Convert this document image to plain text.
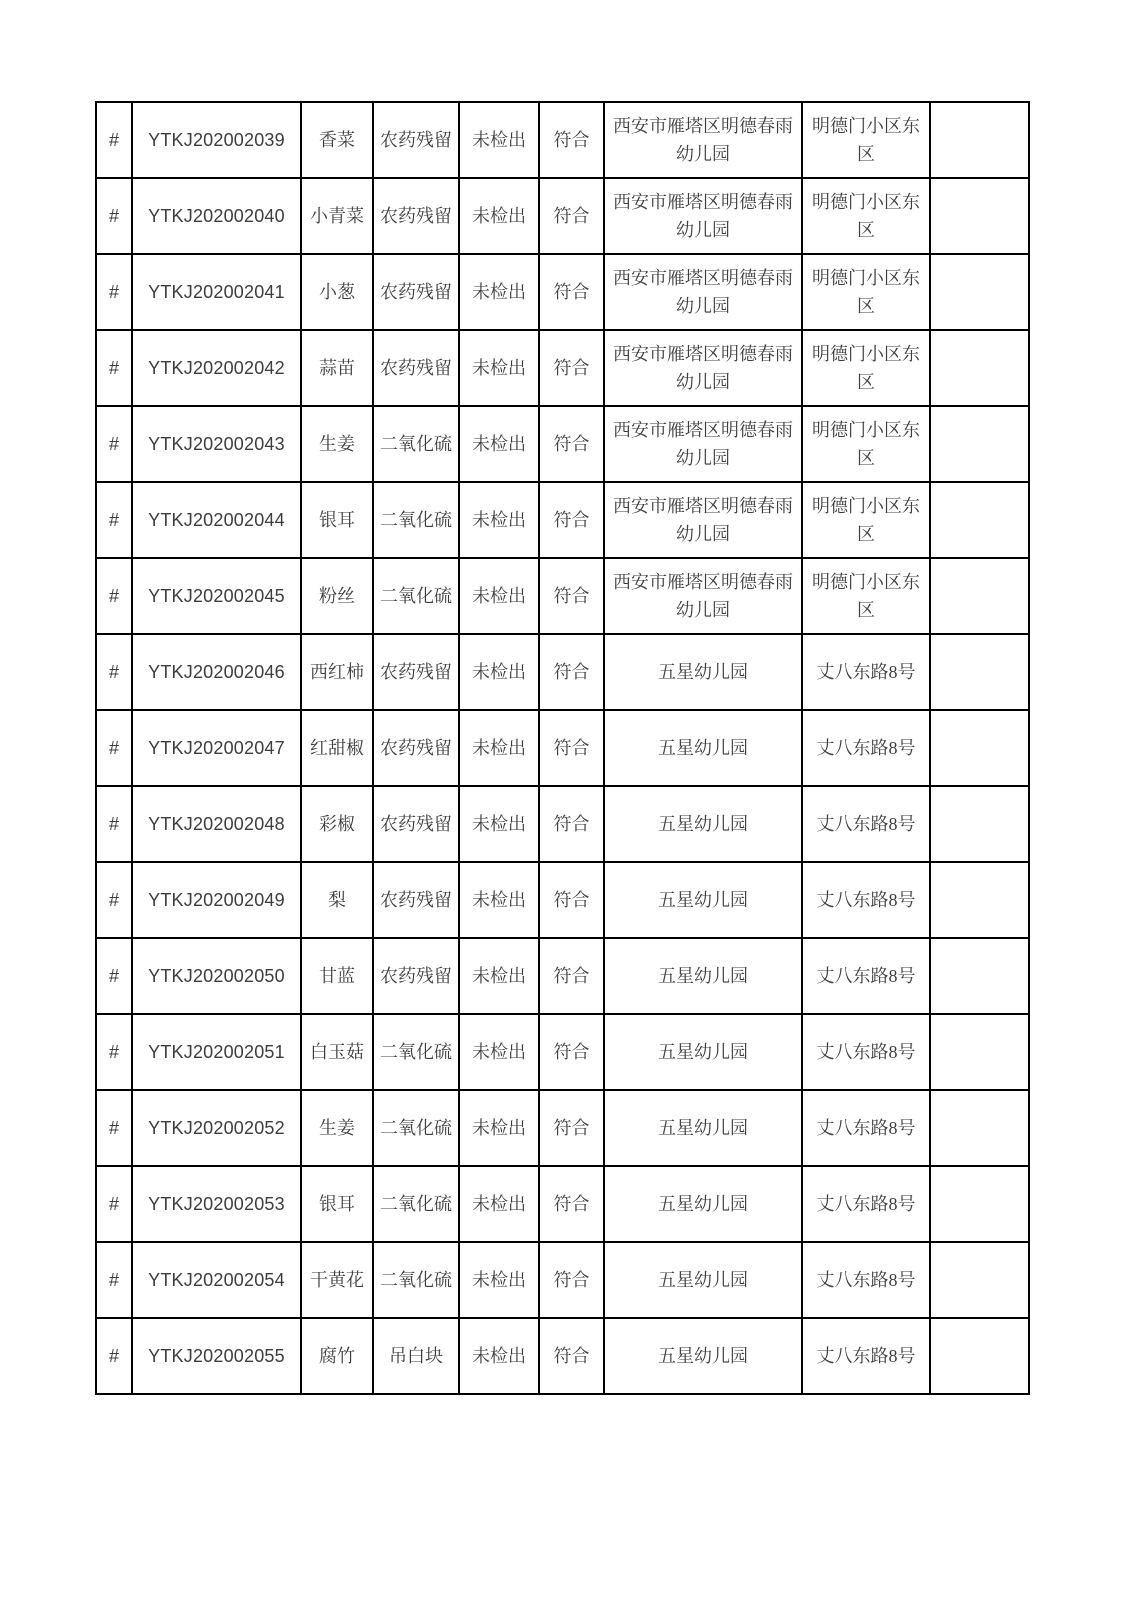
#	YTKJ202002039	香菜	农药残留	未检出	符合	西安市雁塔区明德春雨幼儿园	明德门小区东区	
#	YTKJ202002040	小青菜	农药残留	未检出	符合	西安市雁塔区明德春雨幼儿园	明德门小区东区	
#	YTKJ202002041	小葱	农药残留	未检出	符合	西安市雁塔区明德春雨幼儿园	明德门小区东区	
#	YTKJ202002042	蒜苗	农药残留	未检出	符合	西安市雁塔区明德春雨幼儿园	明德门小区东区	
#	YTKJ202002043	生姜	二氧化硫	未检出	符合	西安市雁塔区明德春雨幼儿园	明德门小区东区	
#	YTKJ202002044	银耳	二氧化硫	未检出	符合	西安市雁塔区明德春雨幼儿园	明德门小区东区	
#	YTKJ202002045	粉丝	二氧化硫	未检出	符合	西安市雁塔区明德春雨幼儿园	明德门小区东区	
#	YTKJ202002046	西红柿	农药残留	未检出	符合	五星幼儿园	丈八东路8号	
#	YTKJ202002047	红甜椒	农药残留	未检出	符合	五星幼儿园	丈八东路8号	
#	YTKJ202002048	彩椒	农药残留	未检出	符合	五星幼儿园	丈八东路8号	
#	YTKJ202002049	梨	农药残留	未检出	符合	五星幼儿园	丈八东路8号	
#	YTKJ202002050	甘蓝	农药残留	未检出	符合	五星幼儿园	丈八东路8号	
#	YTKJ202002051	白玉菇	二氧化硫	未检出	符合	五星幼儿园	丈八东路8号	
#	YTKJ202002052	生姜	二氧化硫	未检出	符合	五星幼儿园	丈八东路8号	
#	YTKJ202002053	银耳	二氧化硫	未检出	符合	五星幼儿园	丈八东路8号	
#	YTKJ202002054	干黄花	二氧化硫	未检出	符合	五星幼儿园	丈八东路8号	
#	YTKJ202002055	腐竹	吊白块	未检出	符合	五星幼儿园	丈八东路8号	
